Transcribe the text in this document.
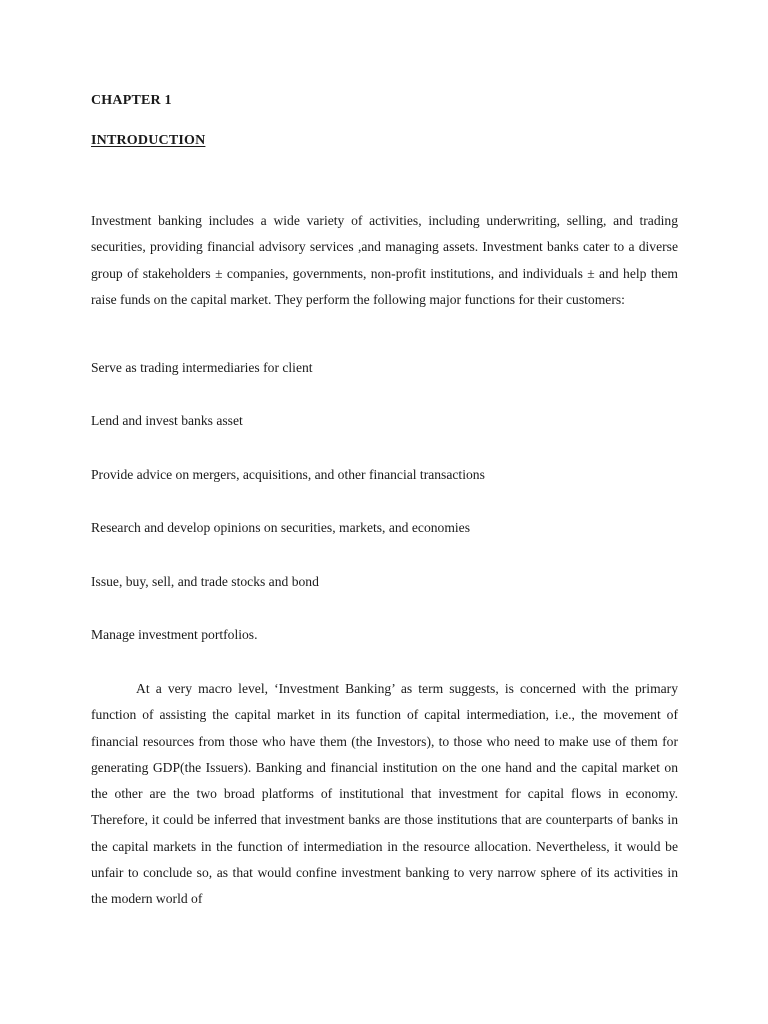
CHAPTER 1
INTRODUCTION

Investment banking includes a wide variety of activities, including underwriting, selling, and trading securities, providing financial advisory services ,and managing assets. Investment banks cater to a diverse group of stakeholders ± companies, governments, non-profit institutions, and individuals ± and help them raise funds on the capital market. They perform the following major functions for their customers:

Serve as trading intermediaries for client
Lend and invest banks asset
Provide advice on mergers, acquisitions, and other financial transactions
Research and develop opinions on securities, markets, and economies
Issue, buy, sell, and trade stocks and bond
Manage investment portfolios.

At a very macro level, ‘Investment Banking’ as term suggests, is concerned with the primary function of assisting the capital market in its function of capital intermediation, i.e., the movement of financial resources from those who have them (the Investors), to those who need to make use of them for generating GDP(the Issuers). Banking and financial institution on the one hand and the capital market on the other are the two broad platforms of institutional that investment for capital flows in economy. Therefore, it could be inferred that investment banks are those institutions that are counterparts of banks in the capital markets in the function of intermediation in the resource allocation. Nevertheless, it would be unfair to conclude so, as that would confine investment banking to very narrow sphere of its activities in the modern world of
